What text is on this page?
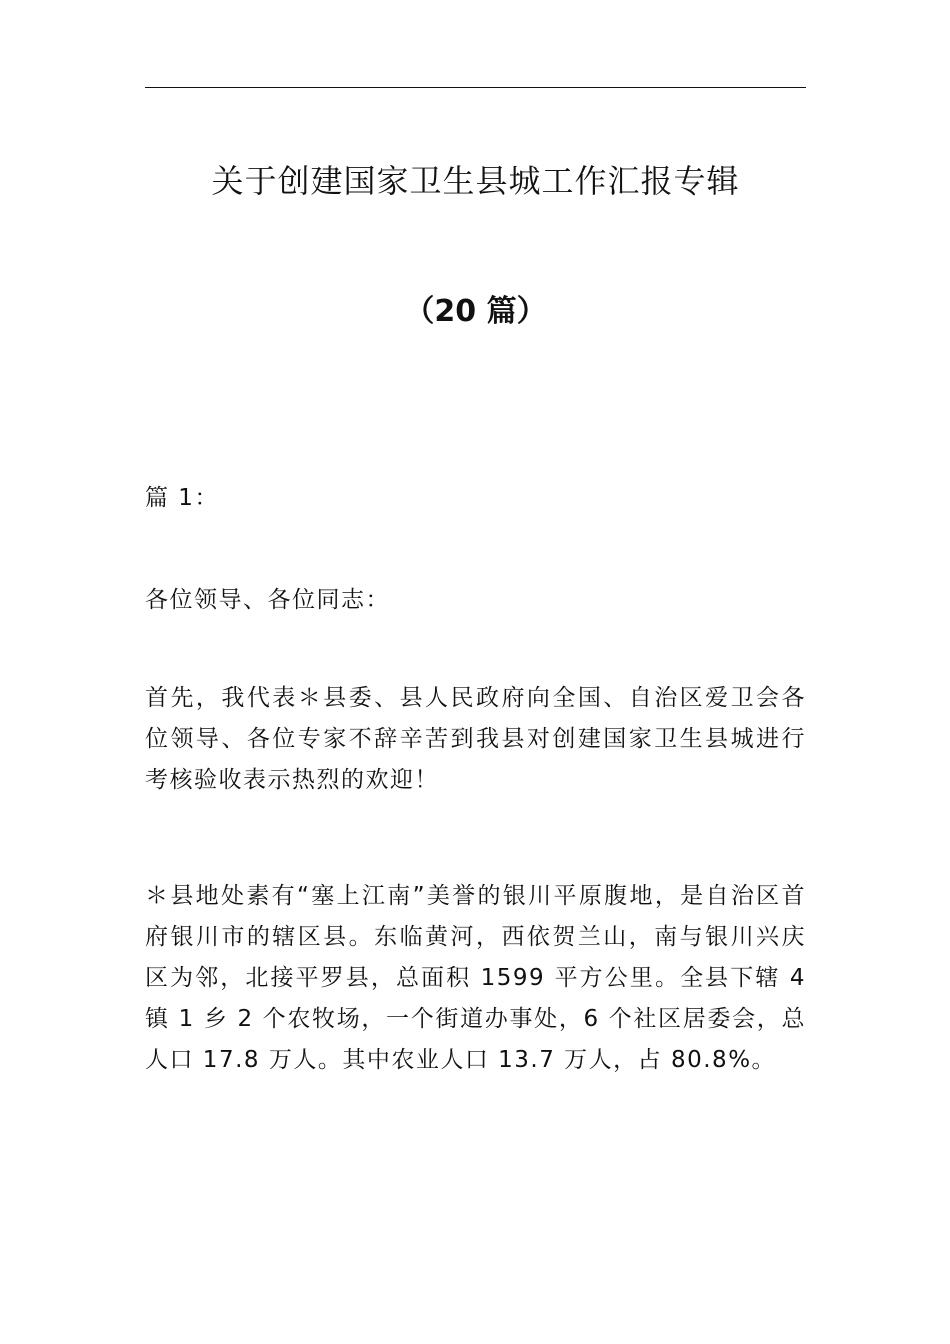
关于创建国家卫生县城工作汇报专辑
（20 篇）

篇 1：

各位领导、各位同志：

首先，我代表＊县委、县人民政府向全国、自治区爱卫会各位领导、各位专家不辞辛苦到我县对创建国家卫生县城进行考核验收表示热烈的欢迎！

＊县地处素有“塞上江南”美誉的银川平原腹地，是自治区首府银川市的辖区县。东临黄河，西依贺兰山，南与银川兴庆区为邻，北接平罗县，总面积 1599 平方公里。全县下辖 4 镇 1 乡 2 个农牧场，一个街道办事处，6 个社区居委会，总人口 17.8 万人。其中农业人口 13.7 万人，占 80.8%。
